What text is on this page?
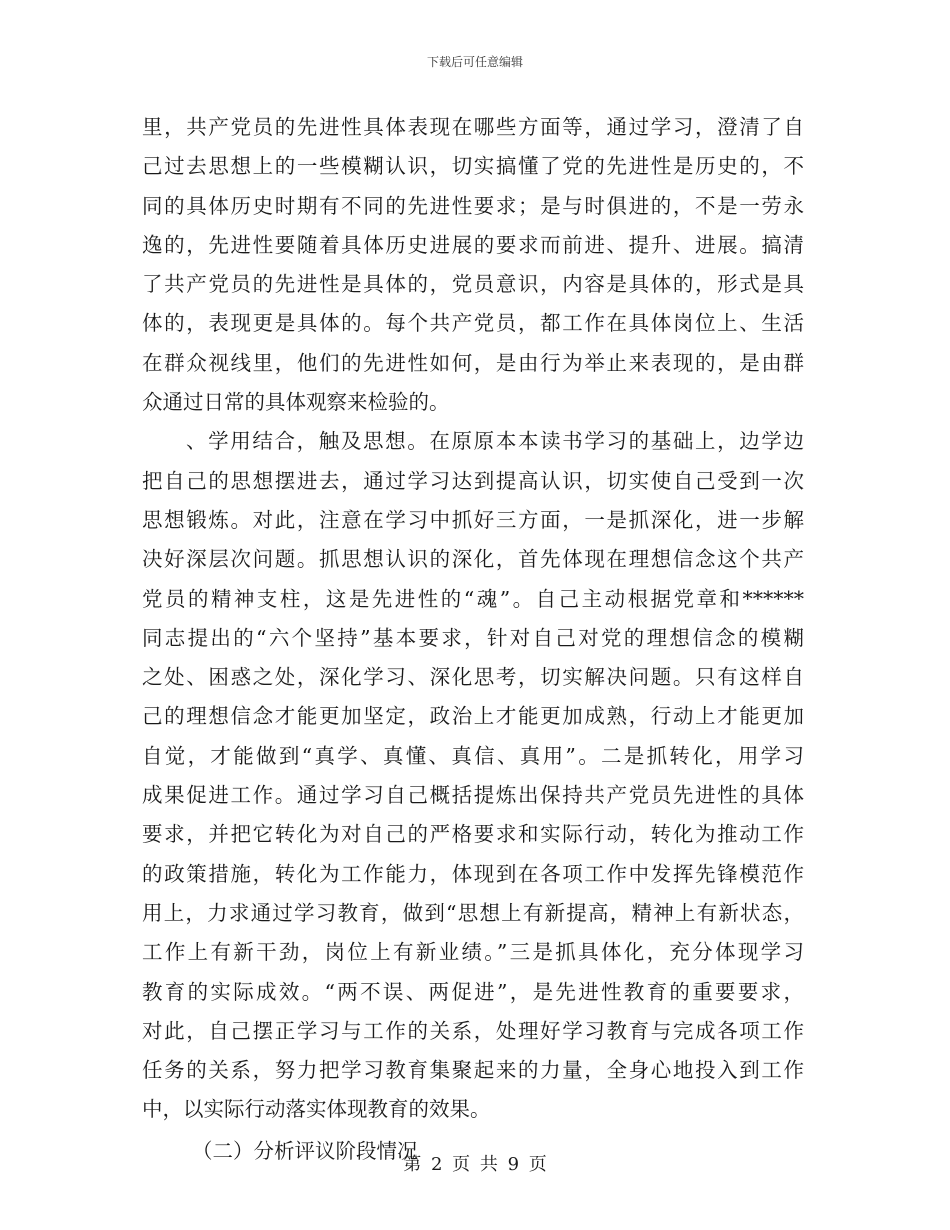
下载后可任意编辑
里，共产党员的先进性具体表现在哪些方面等，通过学习，澄清了自
己过去思想上的一些模糊认识，切实搞懂了党的先进性是历史的，不
同的具体历史时期有不同的先进性要求；是与时俱进的，不是一劳永
逸的，先进性要随着具体历史进展的要求而前进、提升、进展。搞清
了共产党员的先进性是具体的，党员意识，内容是具体的，形式是具
体的，表现更是具体的。每个共产党员，都工作在具体岗位上、生活
在群众视线里，他们的先进性如何，是由行为举止来表现的，是由群
众通过日常的具体观察来检验的。
、学用结合，触及思想。在原原本本读书学习的基础上，边学边
把自己的思想摆进去，通过学习达到提高认识，切实使自己受到一次
思想锻炼。对此，注意在学习中抓好三方面，一是抓深化，进一步解
决好深层次问题。抓思想认识的深化，首先体现在理想信念这个共产
党员的精神支柱，这是先进性的“魂”。自己主动根据党章和******
同志提出的“六个坚持”基本要求，针对自己对党的理想信念的模糊
之处、困惑之处，深化学习、深化思考，切实解决问题。只有这样自
己的理想信念才能更加坚定，政治上才能更加成熟，行动上才能更加
自觉，才能做到“真学、真懂、真信、真用”。二是抓转化，用学习
成果促进工作。通过学习自己概括提炼出保持共产党员先进性的具体
要求，并把它转化为对自己的严格要求和实际行动，转化为推动工作
的政策措施，转化为工作能力，体现到在各项工作中发挥先锋模范作
用上，力求通过学习教育，做到“思想上有新提高，精神上有新状态，
工作上有新干劲，岗位上有新业绩。”三是抓具体化，充分体现学习
教育的实际成效。“两不误、两促进”，是先进性教育的重要要求，
对此，自己摆正学习与工作的关系，处理好学习教育与完成各项工作
任务的关系，努力把学习教育集聚起来的力量，全身心地投入到工作
中，以实际行动落实体现教育的效果。
（二）分析评议阶段情况
第 2 页 共 9 页
